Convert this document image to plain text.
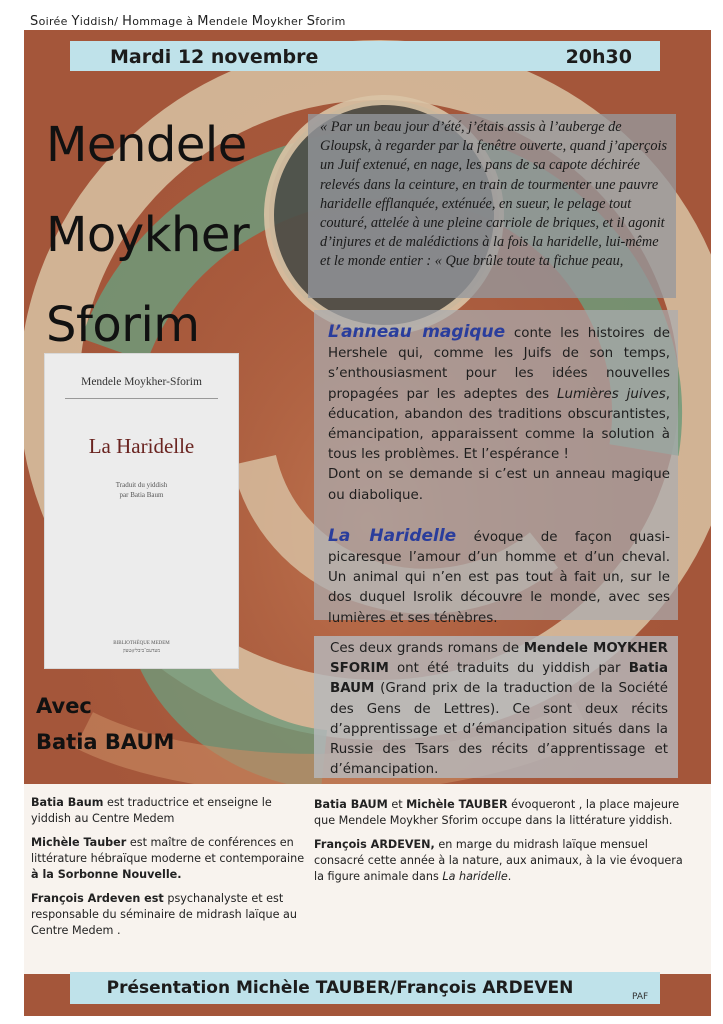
Soirée Yiddish/ Hommage à Mendele Moykher Sforim
Mardi 12 novembre	20h30
Mendele
Moykher
Sforim
« Par un beau jour d’été, j’étais assis à l’auberge de Gloupsk, à regarder par la fenêtre ouverte, quand j’aperçois un Juif extenué, en nage, les pans de sa capote déchirée relevés dans la ceinture, en train de tourmenter une pauvre haridelle efflanquée, exténuée, en sueur, le pelage tout couturé, attelée à une pleine carriole de briques, et il agonit d’injures et de malédictions à la fois la haridelle, lui-même et le monde entier : « Que brûle toute ta fichue peau,

L’anneau magique conte les histoires de Hershele qui, comme les Juifs de son temps, s’enthousiasment pour les idées nouvelles propagées par les adeptes des Lumières juives, éducation, abandon des traditions obscurantistes, émancipation, apparaissent comme la solution à tous les problèmes. Et l’espérance !

Dont on se demande si c’est un anneau magique ou diabolique.

La Haridelle évoque de façon quasi-picaresque l’amour d’un homme et d’un cheval. Un animal qui n’en est pas tout à fait un, sur le dos duquel Isrolik découvre le monde, avec ses lumières et ses ténèbres.

Ces deux grands romans de Mendele MOYKHER SFORIM ont été traduits du yiddish par Batia BAUM (Grand prix de la traduction de la Société des Gens de Lettres). Ce sont deux récits d’apprentissage et d’émancipation situés dans la Russie des Tsars des récits d’apprentissage et d’émancipation.
Mendele Moykher-Sforim
La Haridelle
Traduit du yiddish
par Batia Baum
BIBLIOTHÈQUE MEDEM
מעדעם־ביבליאָטעק
Avec
Batia BAUM

Batia Baum est traductrice et enseigne le yiddish au Centre Medem

Michèle Tauber est maître de conférences en littérature hébraïque moderne et contemporaine à la Sorbonne Nouvelle.

François Ardeven est psychanalyste et est responsable du séminaire de midrash laïque au Centre Medem .

Batia BAUM et Michèle TAUBER évoqueront , la place majeure que Mendele Moykher Sforim occupe dans la littérature yiddish.

François ARDEVEN, en marge du midrash laïque mensuel consacré cette année à la nature, aux animaux, à la vie évoquera la figure animale dans La haridelle.

Présentation Michèle TAUBER/François ARDEVEN	PAF
